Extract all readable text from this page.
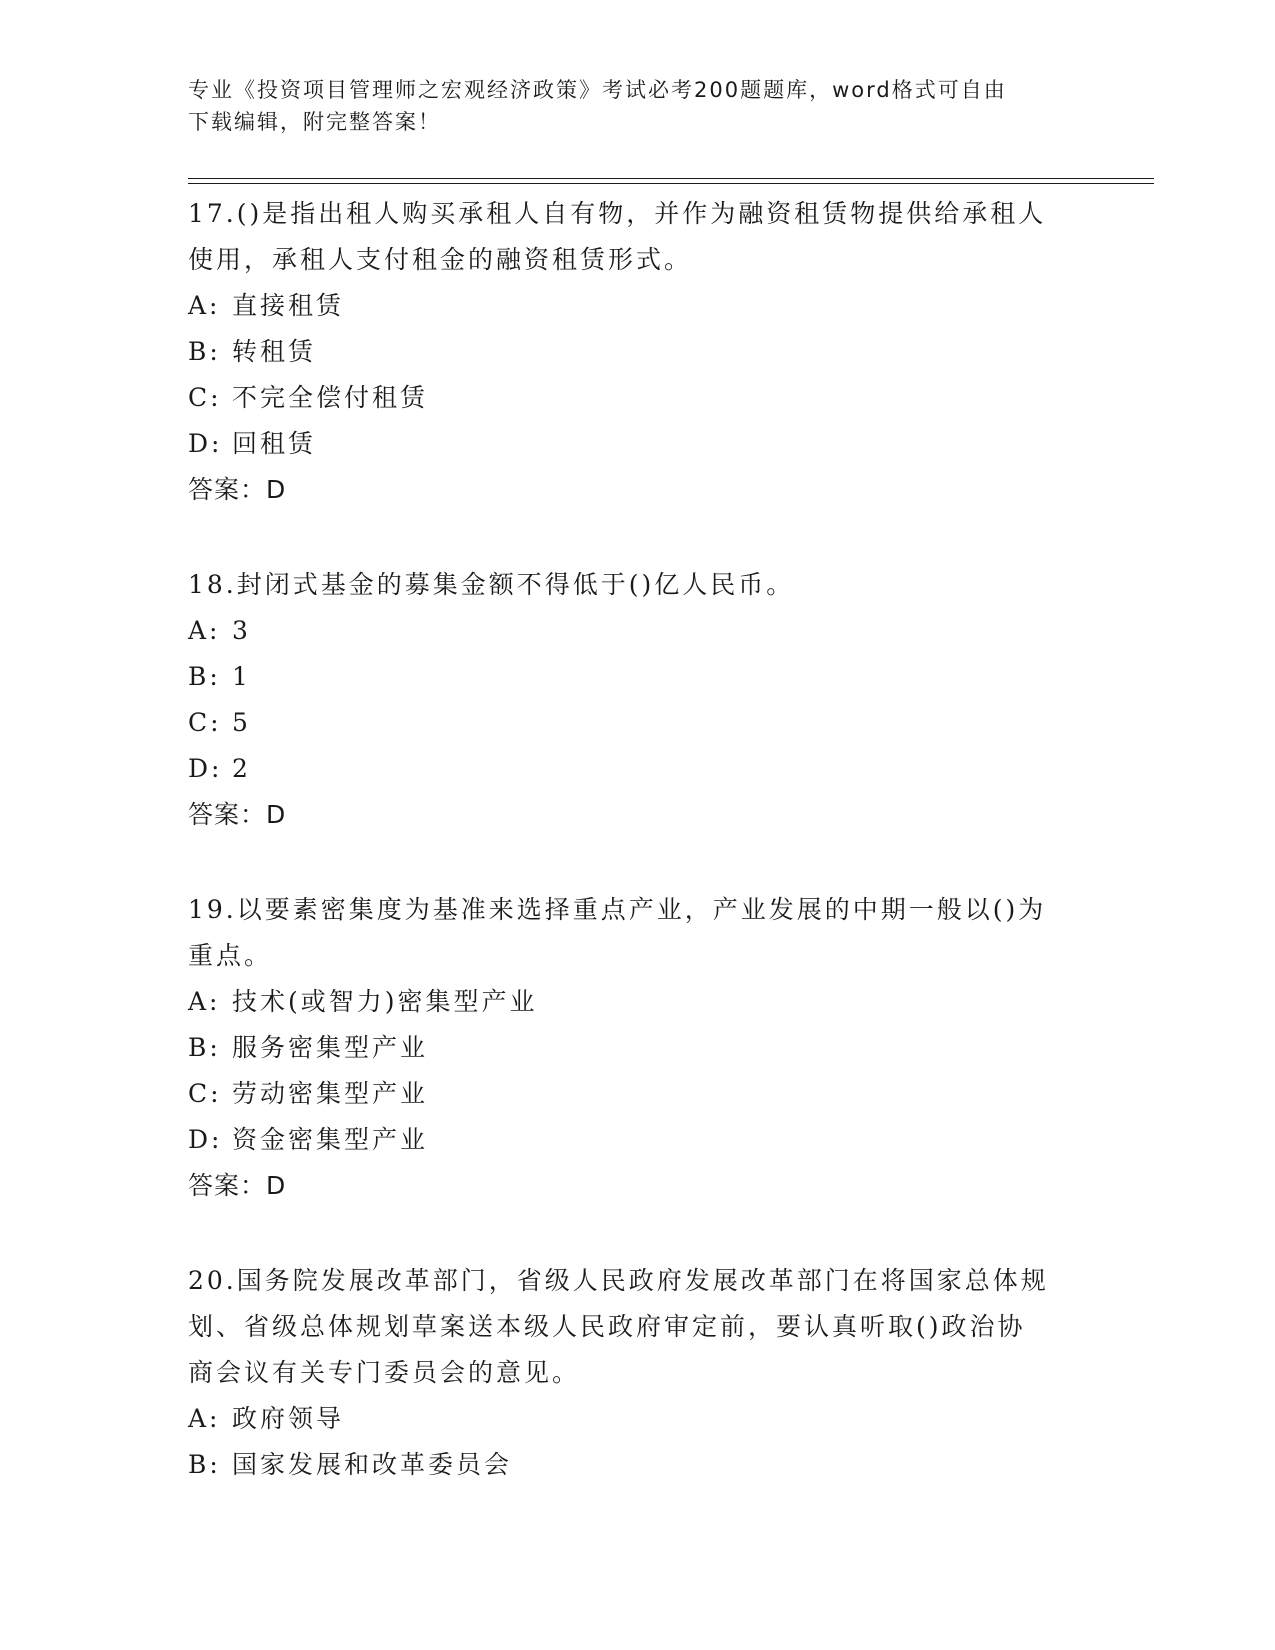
专业《投资项目管理师之宏观经济政策》考试必考200题题库，word格式可自由
下载编辑，附完整答案！
17.()是指出租人购买承租人自有物，并作为融资租赁物提供给承租人
使用，承租人支付租金的融资租赁形式。
A: 直接租赁
B: 转租赁
C: 不完全偿付租赁
D: 回租赁
答案：D
18.封闭式基金的募集金额不得低于()亿人民币。
A: 3
B: 1
C: 5
D: 2
答案：D
19.以要素密集度为基准来选择重点产业，产业发展的中期一般以()为
重点。
A: 技术(或智力)密集型产业
B: 服务密集型产业
C: 劳动密集型产业
D: 资金密集型产业
答案：D
20.国务院发展改革部门，省级人民政府发展改革部门在将国家总体规
划、省级总体规划草案送本级人民政府审定前，要认真听取()政治协
商会议有关专门委员会的意见。
A: 政府领导
B: 国家发展和改革委员会
